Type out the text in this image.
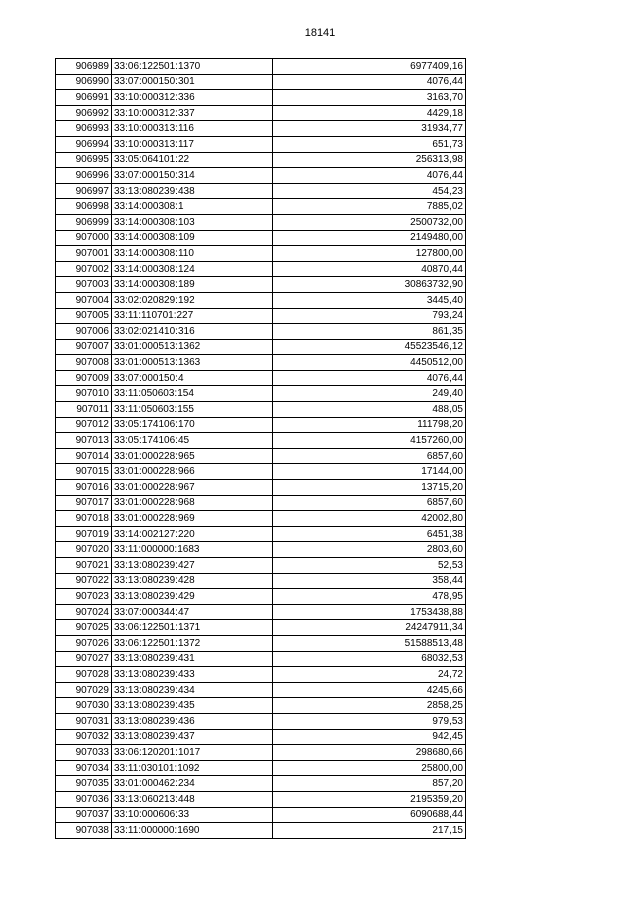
18141
906989	33:06:122501:1370	6977409,16
906990	33:07:000150:301	4076,44
906991	33:10:000312:336	3163,70
906992	33:10:000312:337	4429,18
906993	33:10:000313:116	31934,77
906994	33:10:000313:117	651,73
906995	33:05:064101:22	256313,98
906996	33:07:000150:314	4076,44
906997	33:13:080239:438	454,23
906998	33:14:000308:1	7885,02
906999	33:14:000308:103	2500732,00
907000	33:14:000308:109	2149480,00
907001	33:14:000308:110	127800,00
907002	33:14:000308:124	40870,44
907003	33:14:000308:189	30863732,90
907004	33:02:020829:192	3445,40
907005	33:11:110701:227	793,24
907006	33:02:021410:316	861,35
907007	33:01:000513:1362	45523546,12
907008	33:01:000513:1363	4450512,00
907009	33:07:000150:4	4076,44
907010	33:11:050603:154	249,40
907011	33:11:050603:155	488,05
907012	33:05:174106:170	111798,20
907013	33:05:174106:45	4157260,00
907014	33:01:000228:965	6857,60
907015	33:01:000228:966	17144,00
907016	33:01:000228:967	13715,20
907017	33:01:000228:968	6857,60
907018	33:01:000228:969	42002,80
907019	33:14:002127:220	6451,38
907020	33:11:000000:1683	2803,60
907021	33:13:080239:427	52,53
907022	33:13:080239:428	358,44
907023	33:13:080239:429	478,95
907024	33:07:000344:47	1753438,88
907025	33:06:122501:1371	24247911,34
907026	33:06:122501:1372	51588513,48
907027	33:13:080239:431	68032,53
907028	33:13:080239:433	24,72
907029	33:13:080239:434	4245,66
907030	33:13:080239:435	2858,25
907031	33:13:080239:436	979,53
907032	33:13:080239:437	942,45
907033	33:06:120201:1017	298680,66
907034	33:11:030101:1092	25800,00
907035	33:01:000462:234	857,20
907036	33:13:060213:448	2195359,20
907037	33:10:000606:33	6090688,44
907038	33:11:000000:1690	217,15
